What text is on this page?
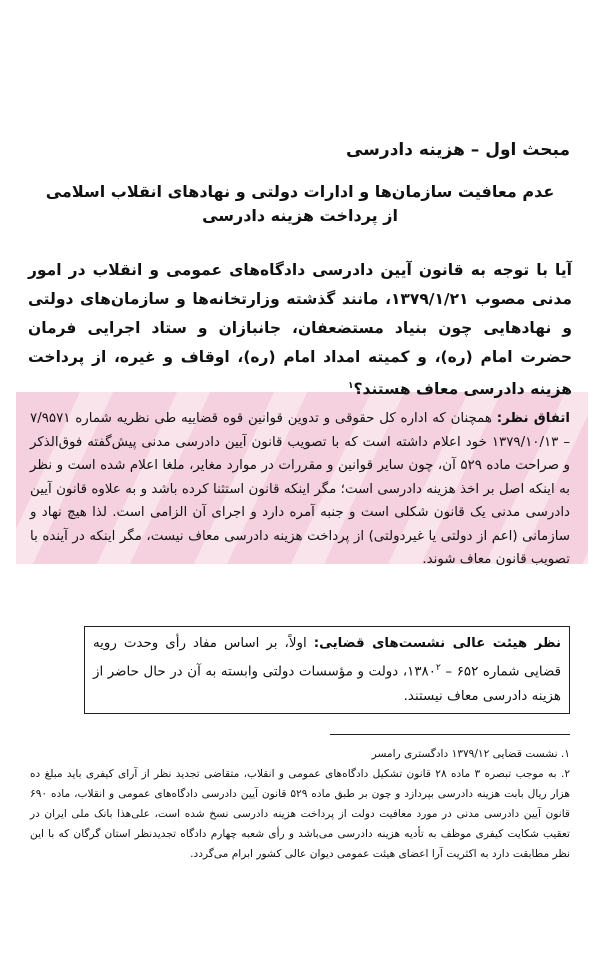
مبحث اول – هزینه دادرسی
عدم معافیت سازمان‌ها و ادارات دولتی و نهادهای انقلاب اسلامی
از پرداخت هزینه دادرسی

آیا با توجه به قانون آیین دادرسی دادگاه‌های عمومی و انقلاب در امور مدنی مصوب ۱۳۷۹/۱/۲۱، مانند گذشته وزارتخانه‌ها و سازمان‌های دولتی و نهادهایی چون بنیاد مستضعفان، جانبازان و ستاد اجرایی فرمان حضرت امام (ره)، و کمیته امداد امام (ره)، اوقاف و غیره، از پرداخت هزینه دادرسی معاف هستند؟$^۱$

اتفاق نظر: همچنان که اداره کل حقوقی و تدوین قوانین قوه قضاییه طی نظریه شماره ۷/۹۵۷۱ – ۱۳۷۹/۱۰/۱۳ خود اعلام داشته است که با تصویب قانون آیین دادرسی مدنی پیش‌گفته فوق‌الذکر و صراحت ماده ۵۲۹ آن، چون سایر قوانین و مقررات در موارد مغایر، ملغا اعلام شده است و نظر به اینکه اصل بر اخذ هزینه دادرسی است؛ مگر اینکه قانون استثنا کرده باشد و به علاوه قانون آیین دادرسی مدنی یک قانون شکلی است و جنبه آمره دارد و اجرای آن الزامی است. لذا هیچ نهاد و سازمانی (اعم از دولتی یا غیردولتی) از پرداخت هزینه دادرسی معاف نیست، مگر اینکه در آینده با تصویب قانون معاف شوند.

نظر هیئت عالی نشست‌های قضایی: اولاً، بر اساس مفاد رأی وحدت رویه قضایی شماره ۶۵۲ – ۱۳۸۰$^۲$، دولت و مؤسسات دولتی وابسته به آن در حال حاضر از هزینه دادرسی معاف نیستند.

۱. نشست قضایی ۱۳۷۹/۱۲ دادگستری رامسر

۲. به موجب تبصره ۳ ماده ۲۸ قانون تشکیل دادگاه‌های عمومی و انقلاب، متقاضی تجدید نظر از آرای کیفری باید مبلغ ده هزار ریال بابت هزینه دادرسی بپردازد و چون بر طبق ماده ۵۲۹ قانون آیین دادرسی دادگاه‌های عمومی و انقلاب، ماده ۶۹۰ قانون آیین دادرسی مدنی در مورد معافیت دولت از پرداخت هزینه دادرسی نسخ شده است، علی‌هذا بانک ملی ایران در تعقیب شکایت کیفری موظف به تأدیه هزینه دادرسی می‌باشد و رأی شعبه چهارم دادگاه تجدیدنظر استان گرگان که با این نظر مطابقت دارد به اکثریت آرا اعضای هیئت عمومی دیوان عالی کشور ابرام می‌گردد.
